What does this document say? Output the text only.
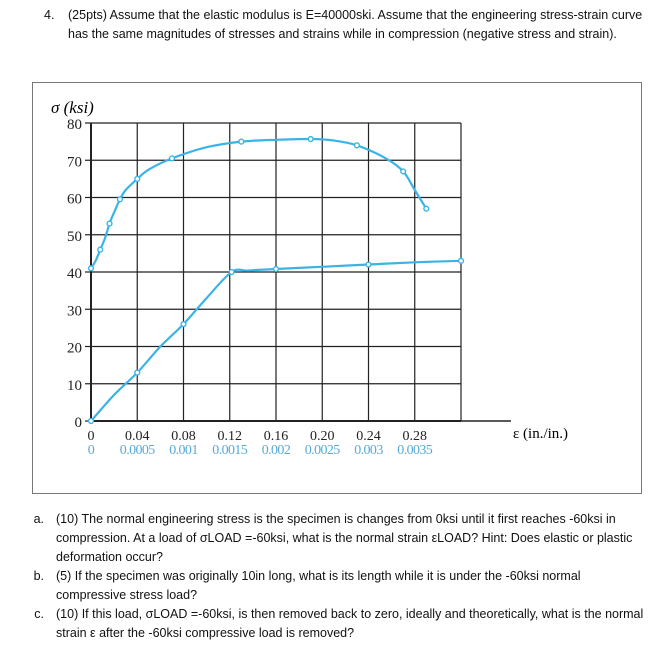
4. (25pts) Assume that the elastic modulus is E=40000ski. Assume that the engineering stress-strain curve has the same magnitudes of stresses and strains while in compression (negative stress and strain).
σ (ksi)
ε (in./in.)
0
10
20
30
40
50
60
70
80
0 0.04 0.08 0.12 0.16 0.20 0.24 0.28
0 0.0005 0.001 0.0015 0.002 0.0025 0.003 0.0035
a. (10) The normal engineering stress is the specimen is changes from 0ksi until it first reaches -60ksi in compression. At a load of σLOAD =-60ksi, what is the normal strain εLOAD? Hint: Does elastic or plastic deformation occur?
b. (5) If the specimen was originally 10in long, what is its length while it is under the -60ksi normal compressive stress load?
c. (10) If this load, σLOAD =-60ksi, is then removed back to zero, ideally and theoretically, what is the normal strain ε after the -60ksi compressive load is removed?
